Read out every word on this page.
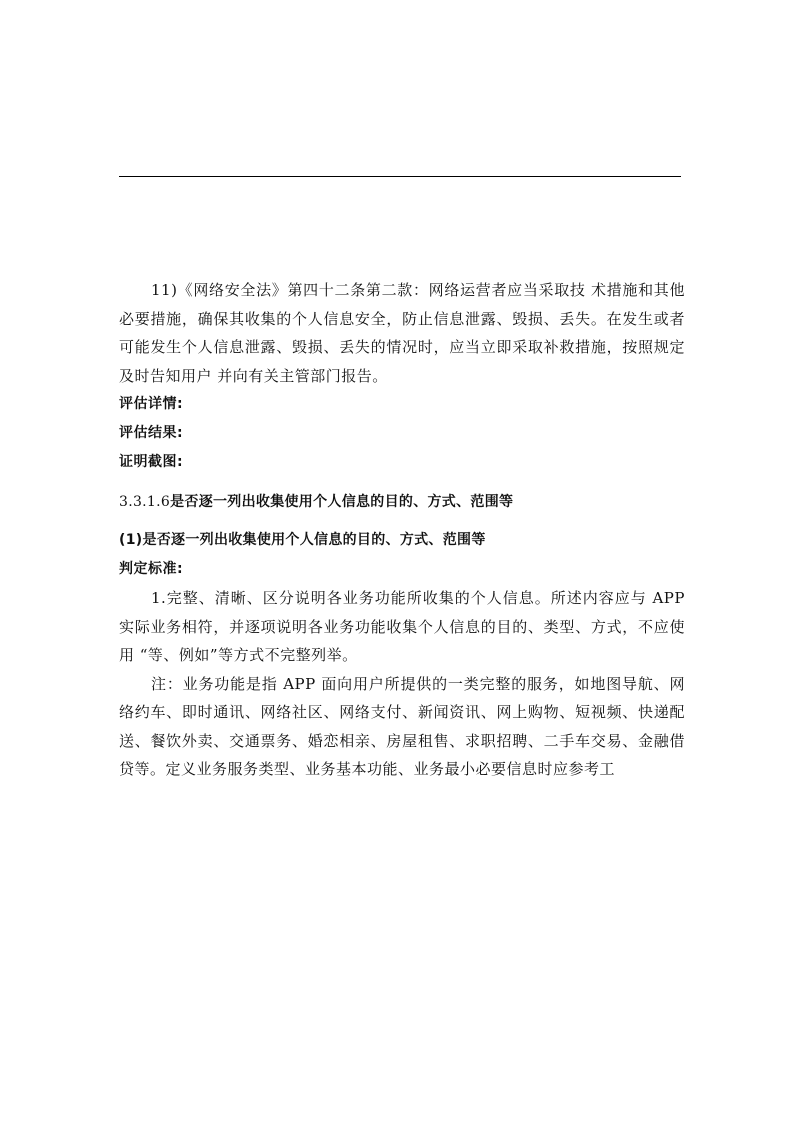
11)《网络安全法》第四十二条第二款：网络运营者应当采取技 术措施和其他必要措施，确保其收集的个人信息安全，防止信息泄露、毁损、丢失。在发生或者可能发生个人信息泄露、毁损、丢失的情况时，应当立即采取补救措施，按照规定及时告知用户 并向有关主管部门报告。

评估详情:

评估结果:

证明截图:

3.3.1.6是否逐一列出收集使用个人信息的目的、方式、范围等

(1)是否逐一列出收集使用个人信息的目的、方式、范围等

判定标准:

1.完整、清晰、区分说明各业务功能所收集的个人信息。所述内容应与 APP 实际业务相符，并逐项说明各业务功能收集个人信息的目的、类型、方式，不应使用 “等、例如”等方式不完整列举。

注：业务功能是指 APP 面向用户所提供的一类完整的服务，如地图导航、网络约车、即时通讯、网络社区、网络支付、新闻资讯、网上购物、短视频、快递配送、餐饮外卖、交通票务、婚恋相亲、房屋租售、求职招聘、二手车交易、金融借贷等。定义业务服务类型、业务基本功能、业务最小必要信息时应参考工
